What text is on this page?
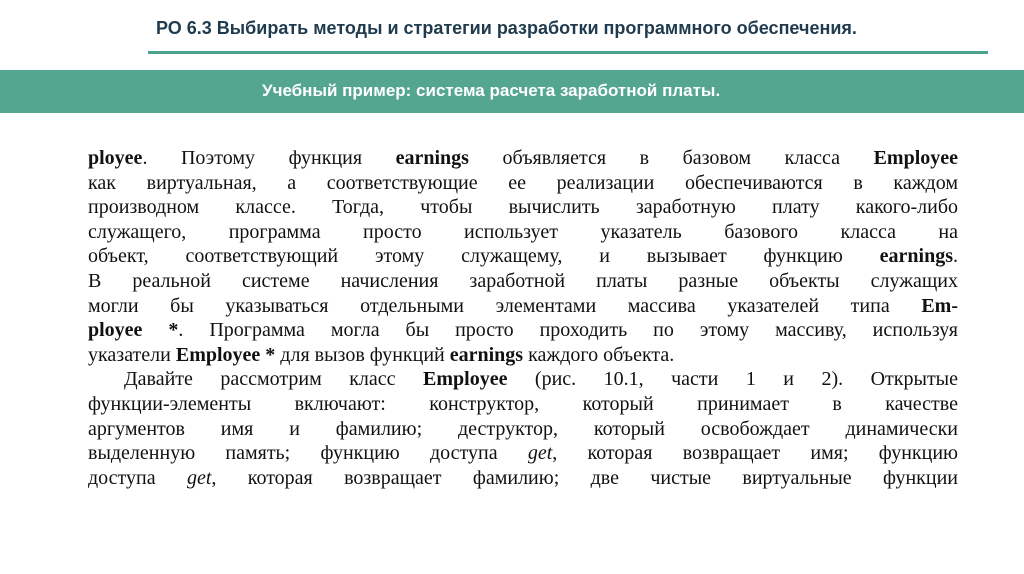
РО 6.3 Выбирать методы и стратегии разработки программного обеспечения.
Учебный пример: система расчета заработной платы.
ployee. Поэтому функция earnings объявляется в базовом класса Employee
как виртуальная, а соответствующие ее реализации обеспечиваются в каждом
производном классе. Тогда, чтобы вычислить заработную плату какого-либо
служащего, программа просто использует указатель базового класса на
объект, соответствующий этому служащему, и вызывает функцию earnings.
В реальной системе начисления заработной платы разные объекты служащих
могли бы указываться отдельными элементами массива указателей типа Em-
ployee *. Программа могла бы просто проходить по этому массиву, используя
указатели Employee * для вызов функций earnings каждого объекта.
Давайте рассмотрим класс Employee (рис. 10.1, части 1 и 2). Открытые
функции-элементы включают: конструктор, который принимает в качестве
аргументов имя и фамилию; деструктор, который освобождает динамически
выделенную память; функцию доступа get, которая возвращает имя; функцию
доступа get, которая возвращает фамилию; две чистые виртуальные функции
